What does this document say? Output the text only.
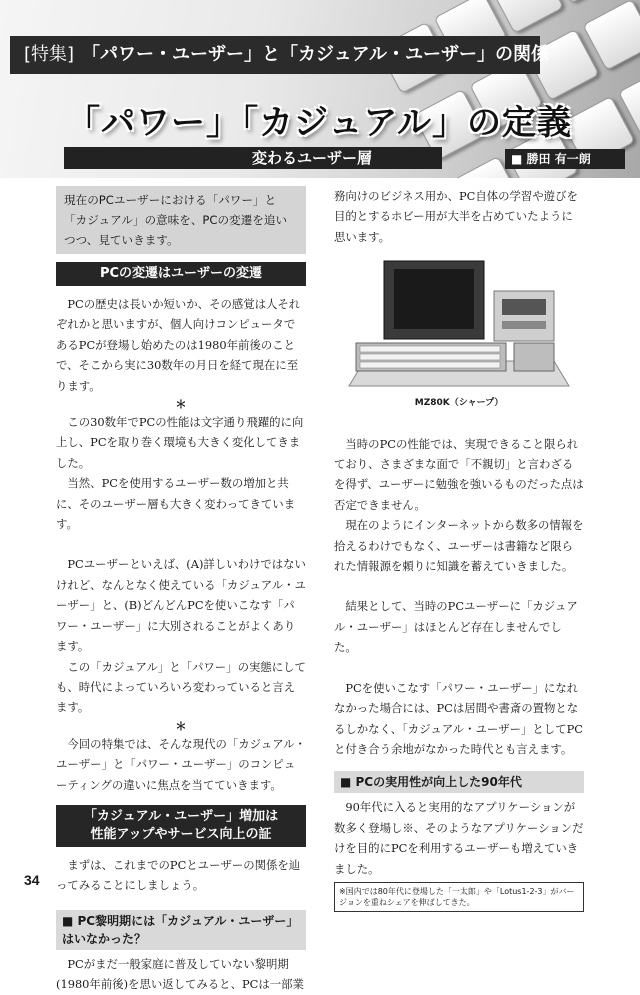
[特集] 「パワー・ユーザー」と「カジュアル・ユーザー」の関係
「パワー」「カジュアル」の定義
変わるユーザー層	■ 勝田 有一朗
現在のPCユーザーにおける「パワー」と「カジュアル」の意味を、PCの変遷を追いつつ、見ていきます。
PCの変遷はユーザーの変遷

PCの歴史は長いか短いか、その感覚は人それぞれかと思いますが、個人向けコンピュータであるPCが登場し始めたのは1980年前後のことで、そこから実に30数年の月日を経て現在に至ります。

＊

この30数年でPCの性能は文字通り飛躍的に向上し、PCを取り巻く環境も大きく変化してきました。

当然、PCを使用するユーザー数の増加と共に、そのユーザー層も大きく変わってきています。

PCユーザーといえば、(A)詳しいわけではないけれど、なんとなく使えている「カジュアル・ユーザー」と、(B)どんどんPCを使いこなす「パワー・ユーザー」に大別されることがよくあります。

この「カジュアル」と「パワー」の実態にしても、時代によっていろいろ変わっていると言えます。

＊

今回の特集では、そんな現代の「カジュアル・ユーザー」と「パワー・ユーザー」のコンピューティングの違いに焦点を当てていきます。

「カジュアル・ユーザー」増加は
性能アップやサービス向上の証

まずは、これまでのPCとユーザーの関係を辿ってみることにしましょう。

■ PC黎明期には「カジュアル・ユーザー」はいなかった？

PCがまだ一般家庭に普及していない黎明期(1980年前後)を思い返してみると、PCは一部業

務向けのビジネス用か、PC自体の学習や遊びを目的とするホビー用が大半を占めていたように思います。

MZ80K（シャープ）

当時のPCの性能では、実現できること限られており、さまざまな面で「不親切」と言わざるを得ず、ユーザーに勉強を強いるものだった点は否定できません。

現在のようにインターネットから数多の情報を拾えるわけでもなく、ユーザーは書籍など限られた情報源を頼りに知識を蓄えていきました。

結果として、当時のPCユーザーに「カジュアル・ユーザー」はほとんど存在しませんでした。

PCを使いこなす「パワー・ユーザー」になれなかった場合には、PCは居間や書斎の置物となるしかなく、「カジュアル・ユーザー」としてPCと付き合う余地がなかった時代とも言えます。

■ PCの実用性が向上した90年代

90年代に入ると実用的なアプリケーションが数多く登場し※、そのようなアプリケーションだけを目的にPCを利用するユーザーも増えていきました。

※国内では80年代に登場した「一太郎」や「Lotus1-2-3」がバージョンを重ねシェアを伸ばしてきた。
34
